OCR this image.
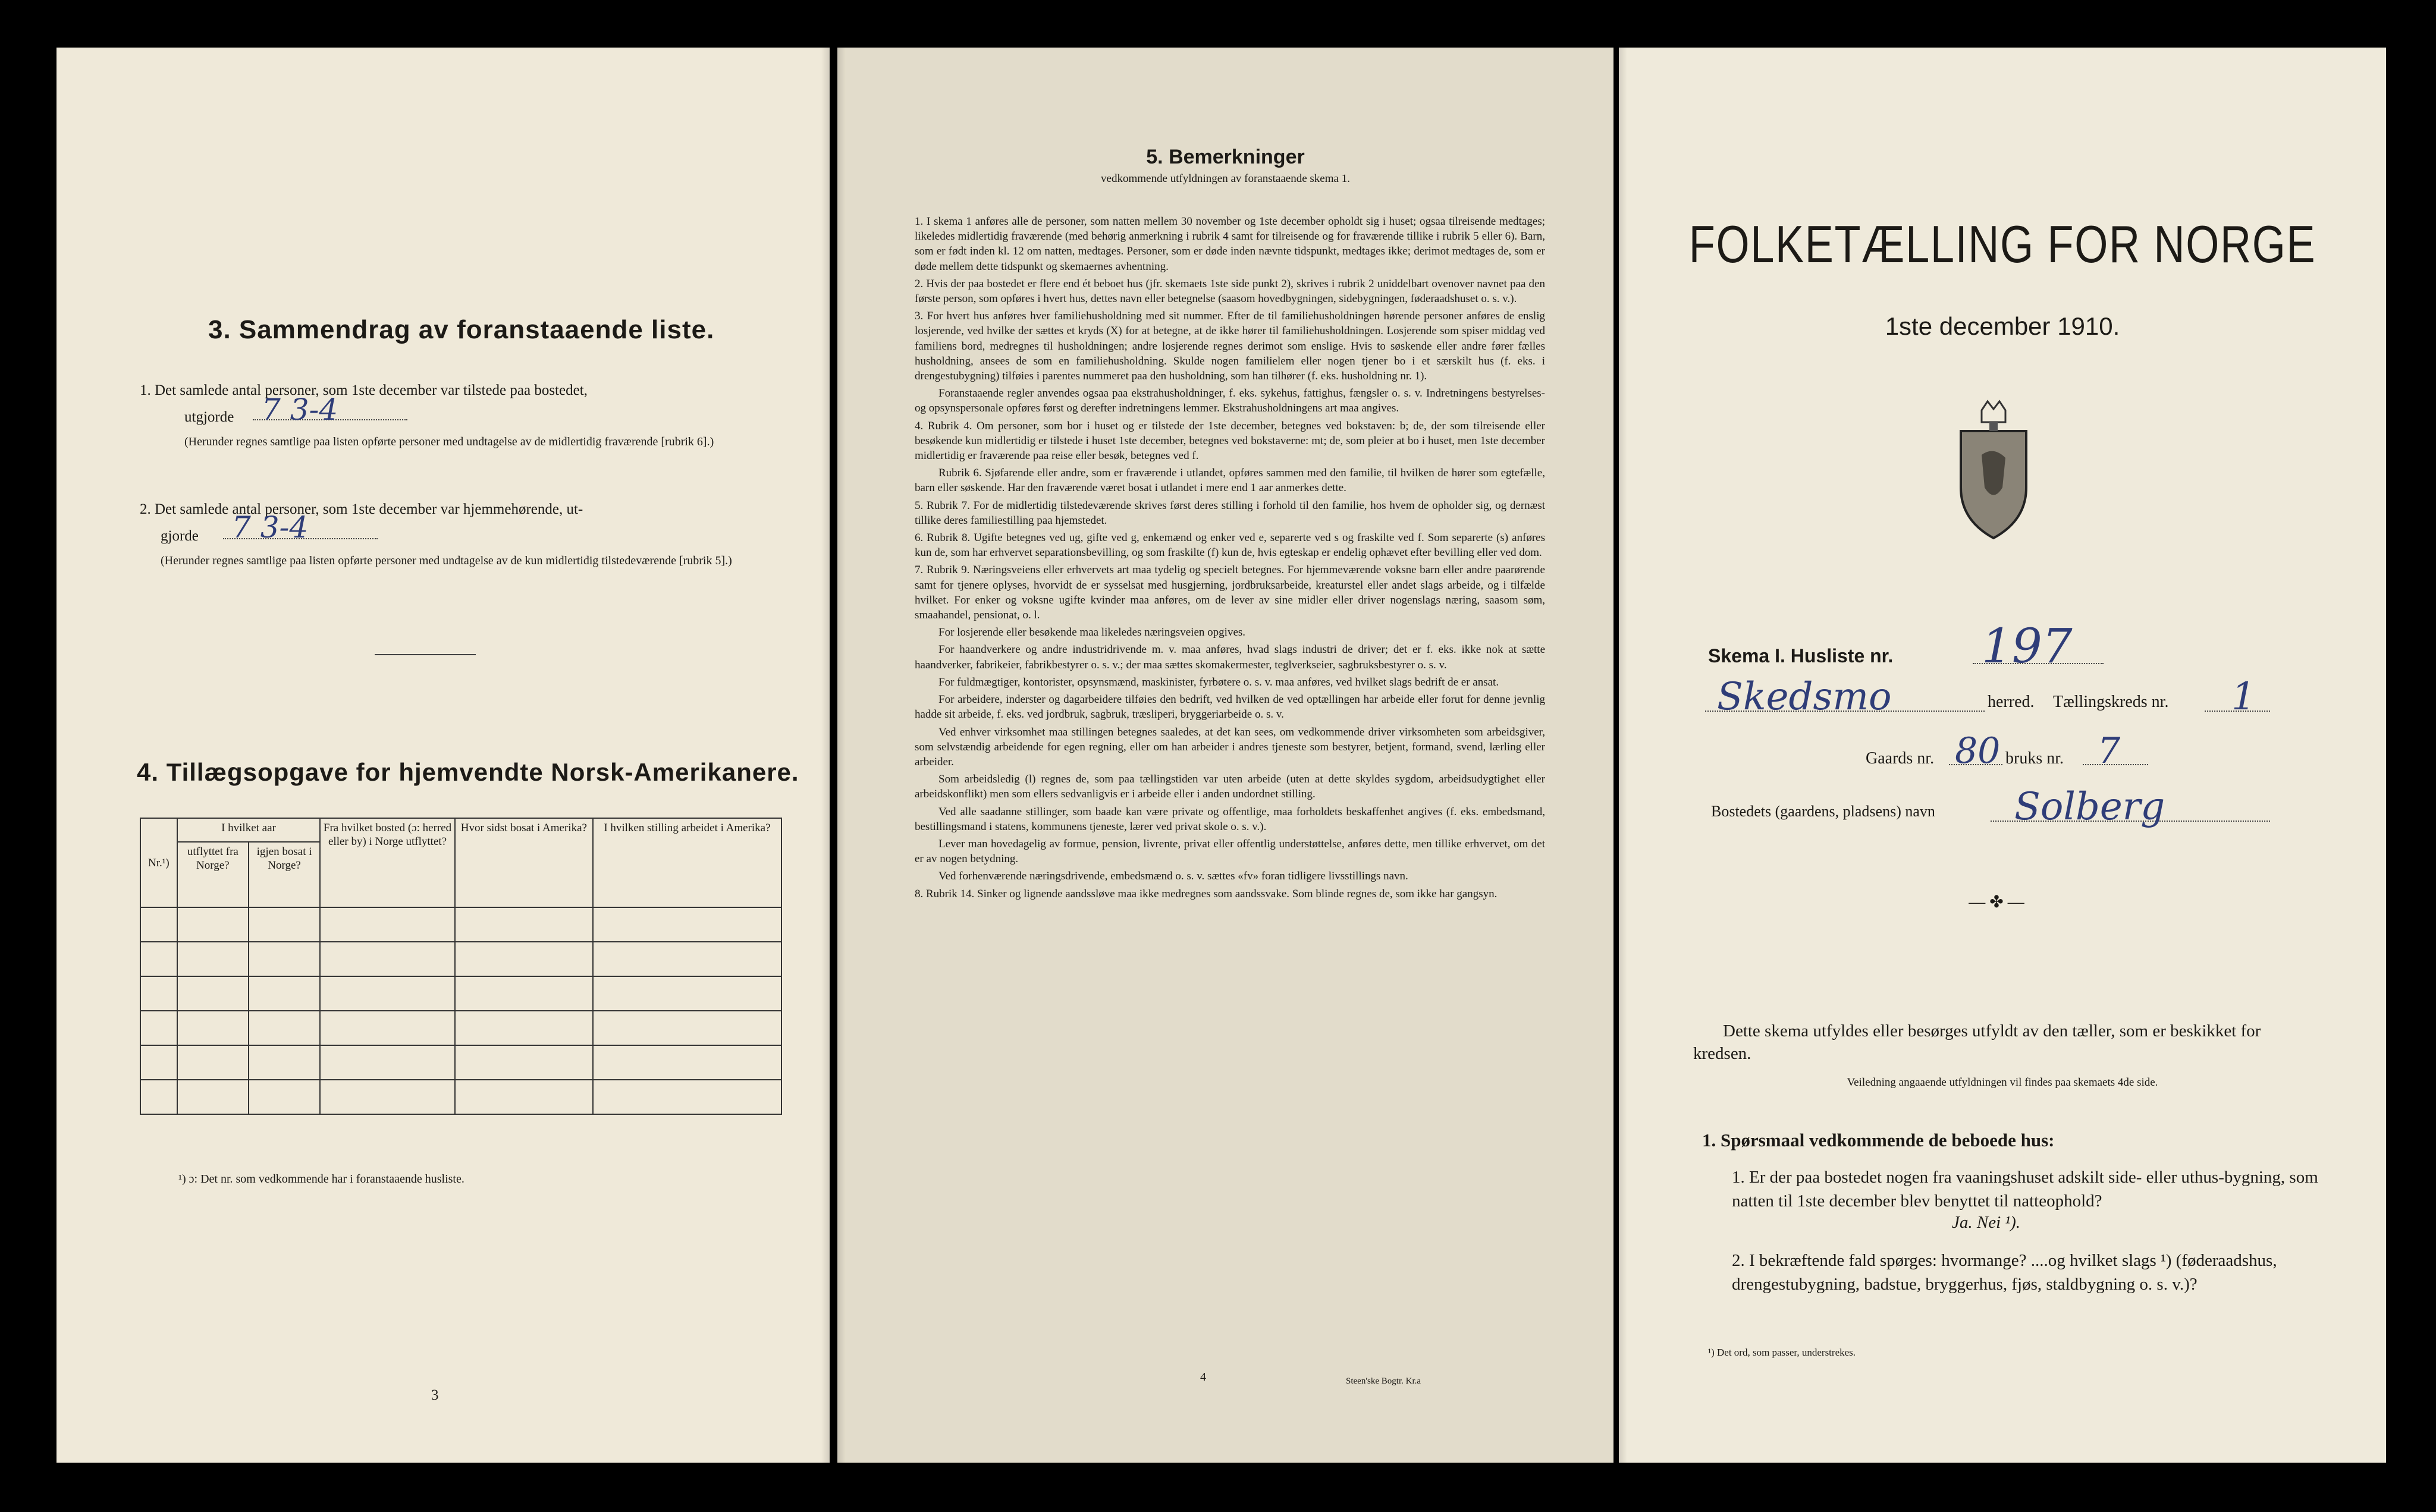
3. Sammendrag av foranstaaende liste.
1. Det samlede antal personer, som 1ste december var tilstede paa bostedet,
utgjorde 7 3-4
(Herunder regnes samtlige paa listen opførte personer med undtagelse av de midlertidig fraværende [rubrik 6].)
2. Det samlede antal personer, som 1ste december var hjemmehørende, ut-
gjorde 7 3-4
(Herunder regnes samtlige paa listen opførte personer med undtagelse av de kun midlertidig tilstedeværende [rubrik 5].)
4. Tillægsopgave for hjemvendte Norsk-Amerikanere.
Nr.¹)	I hvilket aar		Fra hvilket bosted (ɔ: herred eller by) i Norge utflyttet?	Hvor sidst bosat i Amerika?	I hvilken stilling arbeidet i Amerika?
	utflyttet fra Norge?	igjen bosat i Norge?			

¹) ɔ: Det nr. som vedkommende har i foranstaaende husliste.
3
5. Bemerkninger
vedkommende utfyldningen av foranstaaende skema 1.
1. I skema 1 anføres alle de personer, som natten mellem 30 november og 1ste december opholdt sig i huset; ogsaa tilreisende medtages; likeledes midlertidig fraværende (med behørig anmerkning i rubrik 4 samt for tilreisende og for fraværende tillike i rubrik 5 eller 6). Barn, som er født inden kl. 12 om natten, medtages. Personer, som er døde inden nævnte tidspunkt, medtages ikke; derimot medtages de, som er døde mellem dette tidspunkt og skemaernes avhentning.
2. Hvis der paa bostedet er flere end ét beboet hus (jfr. skemaets 1ste side punkt 2), skrives i rubrik 2 uniddelbart ovenover navnet paa den første person, som opføres i hvert hus, dettes navn eller betegnelse (saasom hovedbygningen, sidebygningen, føderaadshuset o. s. v.).
3. For hvert hus anføres hver familiehusholdning med sit nummer. Efter de til familiehusholdningen hørende personer anføres de enslig losjerende, ved hvilke der sættes et kryds (X) for at betegne, at de ikke hører til familiehusholdningen. Losjerende som spiser middag ved familiens bord, medregnes til husholdningen; andre losjerende regnes derimot som enslige. Hvis to søskende eller andre fører fælles husholdning, ansees de som en familiehusholdning. Skulde nogen familielem eller nogen tjener bo i et særskilt hus (f. eks. i drengestubygning) tilføies i parentes nummeret paa den husholdning, som han tilhører (f. eks. husholdning nr. 1).
Foranstaaende regler anvendes ogsaa paa ekstrahusholdninger, f. eks. sykehus, fattighus, fængsler o. s. v. Indretningens bestyrelses- og opsynspersonale opføres først og derefter indretningens lemmer. Ekstrahusholdningens art maa angives.
4. Rubrik 4. Om personer, som bor i huset og er tilstede der 1ste december, betegnes ved bokstaven: b; de, der som tilreisende eller besøkende kun midlertidig er tilstede i huset 1ste december, betegnes ved bokstaverne: mt; de, som pleier at bo i huset, men 1ste december midlertidig er fraværende paa reise eller besøk, betegnes ved f.
Rubrik 6. Sjøfarende eller andre, som er fraværende i utlandet, opføres sammen med den familie, til hvilken de hører som egtefælle, barn eller søskende. Har den fraværende været bosat i utlandet i mere end 1 aar anmerkes dette.
5. Rubrik 7. For de midlertidig tilstedeværende skrives først deres stilling i forhold til den familie, hos hvem de opholder sig, og dernæst tillike deres familiestilling paa hjemstedet.
6. Rubrik 8. Ugifte betegnes ved ug, gifte ved g, enkemænd og enker ved e, separerte ved s og fraskilte ved f. Som separerte (s) anføres kun de, som har erhvervet separationsbevilling, og som fraskilte (f) kun de, hvis egteskap er endelig ophævet efter bevilling eller ved dom.
7. Rubrik 9. Næringsveiens eller erhvervets art maa tydelig og specielt betegnes. For hjemmeværende voksne barn eller andre paarørende samt for tjenere oplyses, hvorvidt de er sysselsat med husgjerning, jordbruksarbeide, kreaturstel eller andet slags arbeide, og i tilfælde hvilket. For enker og voksne ugifte kvinder maa anføres, om de lever av sine midler eller driver nogenslags næring, saasom søm, smaahandel, pensionat, o. l.
For losjerende eller besøkende maa likeledes næringsveien opgives.
For haandverkere og andre industridrivende m. v. maa anføres, hvad slags industri de driver; det er f. eks. ikke nok at sætte haandverker, fabrikeier, fabrikbestyrer o. s. v.; der maa sættes skomakermester, teglverkseier, sagbruksbestyrer o. s. v.
For fuldmægtiger, kontorister, opsynsmænd, maskinister, fyrbøtere o. s. v. maa anføres, ved hvilket slags bedrift de er ansat.
For arbeidere, inderster og dagarbeidere tilføies den bedrift, ved hvilken de ved optællingen har arbeide eller forut for denne jevnlig hadde sit arbeide, f. eks. ved jordbruk, sagbruk, træsliperi, bryggeriarbeide o. s. v.
Ved enhver virksomhet maa stillingen betegnes saaledes, at det kan sees, om vedkommende driver virksomheten som arbeidsgiver, som selvstændig arbeidende for egen regning, eller om han arbeider i andres tjeneste som bestyrer, betjent, formand, svend, lærling eller arbeider.
Som arbeidsledig (l) regnes de, som paa tællingstiden var uten arbeide (uten at dette skyldes sygdom, arbeidsudygtighet eller arbeidskonflikt) men som ellers sedvanligvis er i arbeide eller i anden undordnet stilling.
Ved alle saadanne stillinger, som baade kan være private og offentlige, maa forholdets beskaffenhet angives (f. eks. embedsmand, bestillingsmand i statens, kommunens tjeneste, lærer ved privat skole o. s. v.).
Lever man hovedagelig av formue, pension, livrente, privat eller offentlig understøttelse, anføres dette, men tillike erhvervet, om det er av nogen betydning.
Ved forhenværende næringsdrivende, embedsmænd o. s. v. sættes «fv» foran tidligere livsstillings navn.
8. Rubrik 14. Sinker og lignende aandssløve maa ikke medregnes som aandssvake. Som blinde regnes de, som ikke har gangsyn.
4	Steen'ske Bogtr. Kr.a
FOLKETÆLLING FOR NORGE
1ste december 1910.
Skema I. Husliste nr. 197
Skedsmo	herred. Tællingskreds nr. 1
Gaards nr. 80 bruks nr. 7
Bostedets (gaardens, pladsens) navn Solberg
— ✤ —
Dette skema utfyldes eller besørges utfyldt av den tæller, som er beskikket for kredsen.
Veiledning angaaende utfyldningen vil findes paa skemaets 4de side.
1. Spørsmaal vedkommende de beboede hus:
1. Er der paa bostedet nogen fra vaaningshuset adskilt side- eller uthus-bygning, som natten til 1ste december blev benyttet til natteophold?
Ja. Nei ¹).
2. I bekræftende fald spørges: hvormange? ....og hvilket slags ¹) (føderaadshus, drengestubygning, badstue, bryggerhus, fjøs, staldbygning o. s. v.)?
¹) Det ord, som passer, understrekes.
